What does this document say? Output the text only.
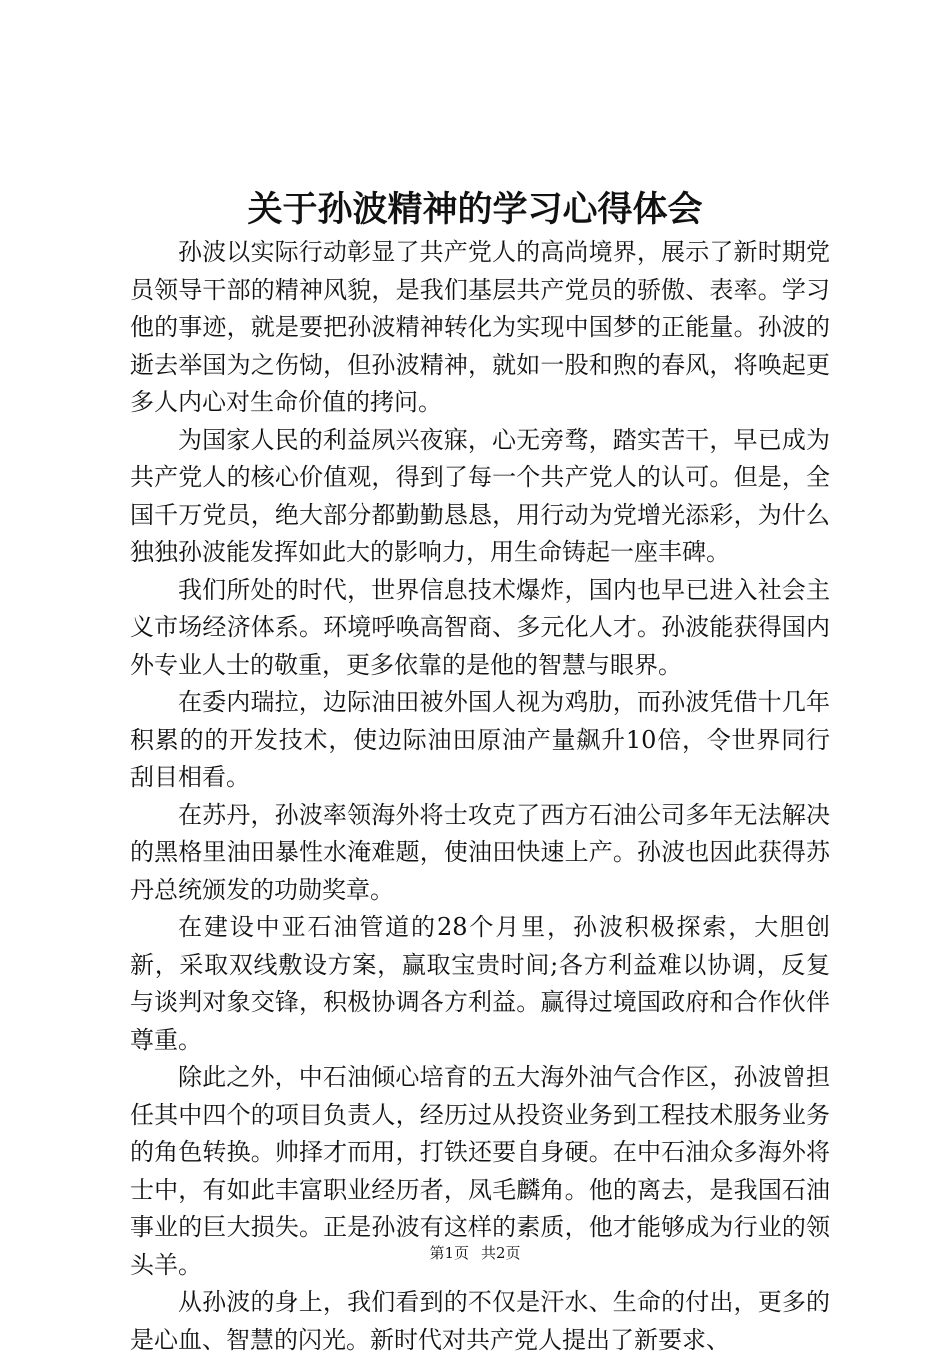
关于孙波精神的学习心得体会

孙波以实际行动彰显了共产党人的高尚境界，展示了新时期党员领导干部的精神风貌，是我们基层共产党员的骄傲、表率。学习他的事迹，就是要把孙波精神转化为实现中国梦的正能量。孙波的逝去举国为之伤恸，但孙波精神，就如一股和煦的春风，将唤起更多人内心对生命价值的拷问。

为国家人民的利益夙兴夜寐，心无旁骛，踏实苦干，早已成为共产党人的核心价值观，得到了每一个共产党人的认可。但是，全国千万党员，绝大部分都勤勤恳恳，用行动为党增光添彩，为什么独独孙波能发挥如此大的影响力，用生命铸起一座丰碑。

我们所处的时代，世界信息技术爆炸，国内也早已进入社会主义市场经济体系。环境呼唤高智商、多元化人才。孙波能获得国内外专业人士的敬重，更多依靠的是他的智慧与眼界。

在委内瑞拉，边际油田被外国人视为鸡肋，而孙波凭借十几年积累的的开发技术，使边际油田原油产量飙升10倍，令世界同行刮目相看。

在苏丹，孙波率领海外将士攻克了西方石油公司多年无法解决的黑格里油田暴性水淹难题，使油田快速上产。孙波也因此获得苏丹总统颁发的功勋奖章。

在建设中亚石油管道的28个月里，孙波积极探索，大胆创新，采取双线敷设方案，赢取宝贵时间;各方利益难以协调，反复与谈判对象交锋，积极协调各方利益。赢得过境国政府和合作伙伴尊重。

除此之外，中石油倾心培育的五大海外油气合作区，孙波曾担任其中四个的项目负责人，经历过从投资业务到工程技术服务业务的角色转换。帅择才而用，打铁还要自身硬。在中石油众多海外将士中，有如此丰富职业经历者，凤毛麟角。他的离去，是我国石油事业的巨大损失。正是孙波有这样的素质，他才能够成为行业的领头羊。

从孙波的身上，我们看到的不仅是汗水、生命的付出，更多的是心血、智慧的闪光。新时代对共产党人提出了新要求、

第1页 共2页
